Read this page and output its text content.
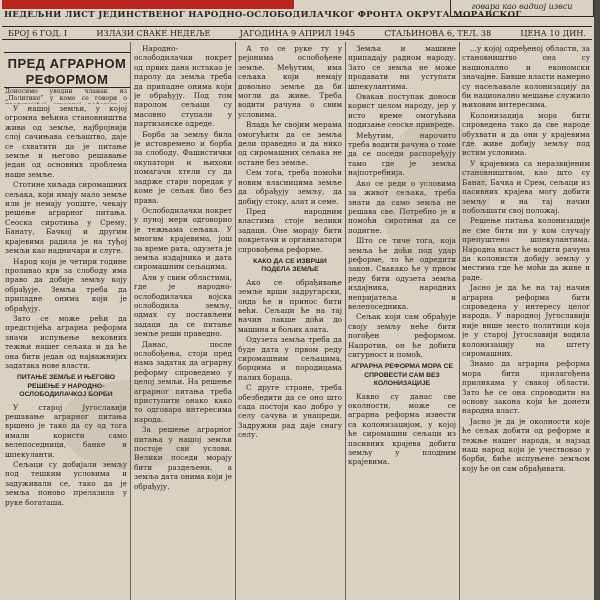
говара као вадиој извси
НЕДЕЉНИ ЛИСТ ЈЕДИНСТВЕНОГ НАРОДНО-ОСЛОБОДИЛАЧКОГ ФРОНТА ОКРУГА МОРАВСКОГ
БРОЈ 6 ГОД. I	ИЗЛАЗИ СВАКЕ НЕДЕЉЕ	ЈАГОДИНА 9 АПРИЛ 1945	СТАЉИНОВА 6, ТЕЛ. 38	ЦЕНА 10 ДИН.
ПРЕД АГРАРНОМ РЕФОРМОМ
Доносимо уводни чланак из „Политике” у коме се говори о

У нашој земљи, у којој огромна већина становништва живи од земље, најбројнији слој сачињава сељаштво, даје се схватити да је питање земље и његово решавање један од основних проблема наше земље.

Стотине хиљада сиромашних сељака, који имају мало земље или је немају уопште, чекају решење аграрног питања. Сеоска сиротиња у Срему, Банату, Бачкој и другим крајевима радила је на туђој земљи као надничари и слуге.

Народ који је четири године проливао крв за слободу има право да добије земљу коју обрађује. Земља треба да припадне онима који је обрађују.

Зато се може рећи да предстојећа аграрна реформа значи испуњење вековних тежњи нашег сељака и да ће она бити један од најважнијих задатака нове власти.

ПИТАЊЕ ЗЕМЉЕ И ЊЕГОВО РЕШЕЊЕ У НАРОДНО-ОСЛОБОДИЛАЧКОЈ БОРБИ

У старој Југославији решавање аграрног питања вршено је тако да су од тога имали користи само велепоседници, банке и шпекуланти.

Сељаци су добијали земљу под тешким условима и задуживали се, тако да је земља поново прелазила у руке богаташа.

Народно-ослободилачки покрет од првих дана истакао је паролу да земља треба да припадне онима који је обрађују. Под том паролом сељаци су масовно ступали у партизанске одреде.

Борба за земљу била је истовремено и борба за слободу. Фашистички окупатори и њихови помагачи хтели су да задрже стари поредак у коме је сељак био без права.

Ослободилачки покрет у пуној мери одговорио је тежњама сељака. У многим крајевима, још за време рата, одузета је земља издајника и дата сиромашним сељацима.

Али у свим областима, где је народно-ослободилачка војска ослободила земљу, одмах су постављени задаци да се питање земље реши праведно.

Данас, после ослобођења, стоји пред нама задатак да аграрну реформу спроведемо у целој земљи. На решење аграрног питања треба приступити онако како то одговара интересима народа.

За решење аграрног питања у нашој земљи постоје сви услови. Велики поседи морају бити раздељени, а земља дата онима који је обрађују.

А то се руке ту у рејонима ослобођене земље. Међутим, има сељака који немају довољно земље да би могли да живе. Треба водити рачуна о свим условима.

Влада ће својим мерама омогућити да се земља дели праведно и да нико од сиромашних сељака не остане без земље.

Сем тога, треба помоћи новим власницима земље да обрађују земљу, да добију стоку, алат и семе.

Пред народним властима стоје велики задаци. Оне морају бити покретачи и организатори спровођења реформе.

КАКО ДА СЕ ИЗВРШИ ПОДЕЛА ЗЕМЉЕ

Ако се обрађивање земље врши задругарски, онда ће и принос бити већи. Сељаци ће на тај начин лакше доћи до машина и бољих алата.

Одузета земља треба да буде дата у првом реду сиромашним сељацима, борцима и породицама палих бораца.

С друге стране, треба обезбедити да се оно што сада постоји као добро у селу сачува и унапреди. Задружни рад даје снагу селу.

Земља и машине припадају радном народу. Зато се земља не може продавати ни уступати шпекулантима.

Овакав поступак доноси корист целом народу, јер у исто време омогућава подизање сеоске привреде.

Међутим, нарочито треба водити рачуна о томе да се поседи распоређују тамо где је земља најпотребнија.

Ако се реди о условима за живот сељака, треба знати да само земља не решава све. Потребно је и помоћи сиротињи да се подигне.

Што се тиче тога, која земља ће доћи под удар реформе, то ће одредити закон. Свакако ће у првом реду бити одузета земља издајника, народних непријатеља и велепоседника.

Сељак који сам обрађује своју земљу неће бити погођен реформом. Напротив, он ће добити сигурност и помоћ.

АГРАРНА РЕФОРМА МОРА СЕ СПРОВЕСТИ САМ ВЕЗ КОЛОНИЗАЦИЈЕ

Какво су данас све околности, може се аграрна реформа извести са колонизацијом, у којој ће сиромашни сељаци из пасивних крајева добити земљу у плодним крајевима.

...у којој одређеној области, за становништво она су национално и економски значајне. Бивше власти намерно су насељавале колонизацију да би национално мешање служило њиховим интересима.

Колонизација мора бити спроведена тако да све народе обухвати и да они у крајевима где живе добију земљу под истим условима.

У крајевима са неразвијеним становништвом, као што су Банат, Бачка и Срем, сељаци из пасивних крајева могу добити земљу и на тај начин побољшати свој положај.

Решење питања колонизације не сме бити ни у ком случају препуштено шпекулантима. Народна власт ће водити рачуна да колонисти добију земљу у местима где ће моћи да живе и раде.

Јасно је да ће на тај начин аграрна реформа бити спроведена у интересу целог народа. У народној Југославији није више место политици која је у старој Југославији водила колонизацију на штету сиромашних.

Знамо да аграрна реформа мора бити прилагођена приликама у свакој области. Зато ће се она спроводити на основу закона који ће донети народна власт.

Јасно је да је околности које ће сељак добити од реформе и тежње нашег народа, и најзад наш народ који је учествовао у борби, биће испуњене земљом коју ће он сам обрађивати.
